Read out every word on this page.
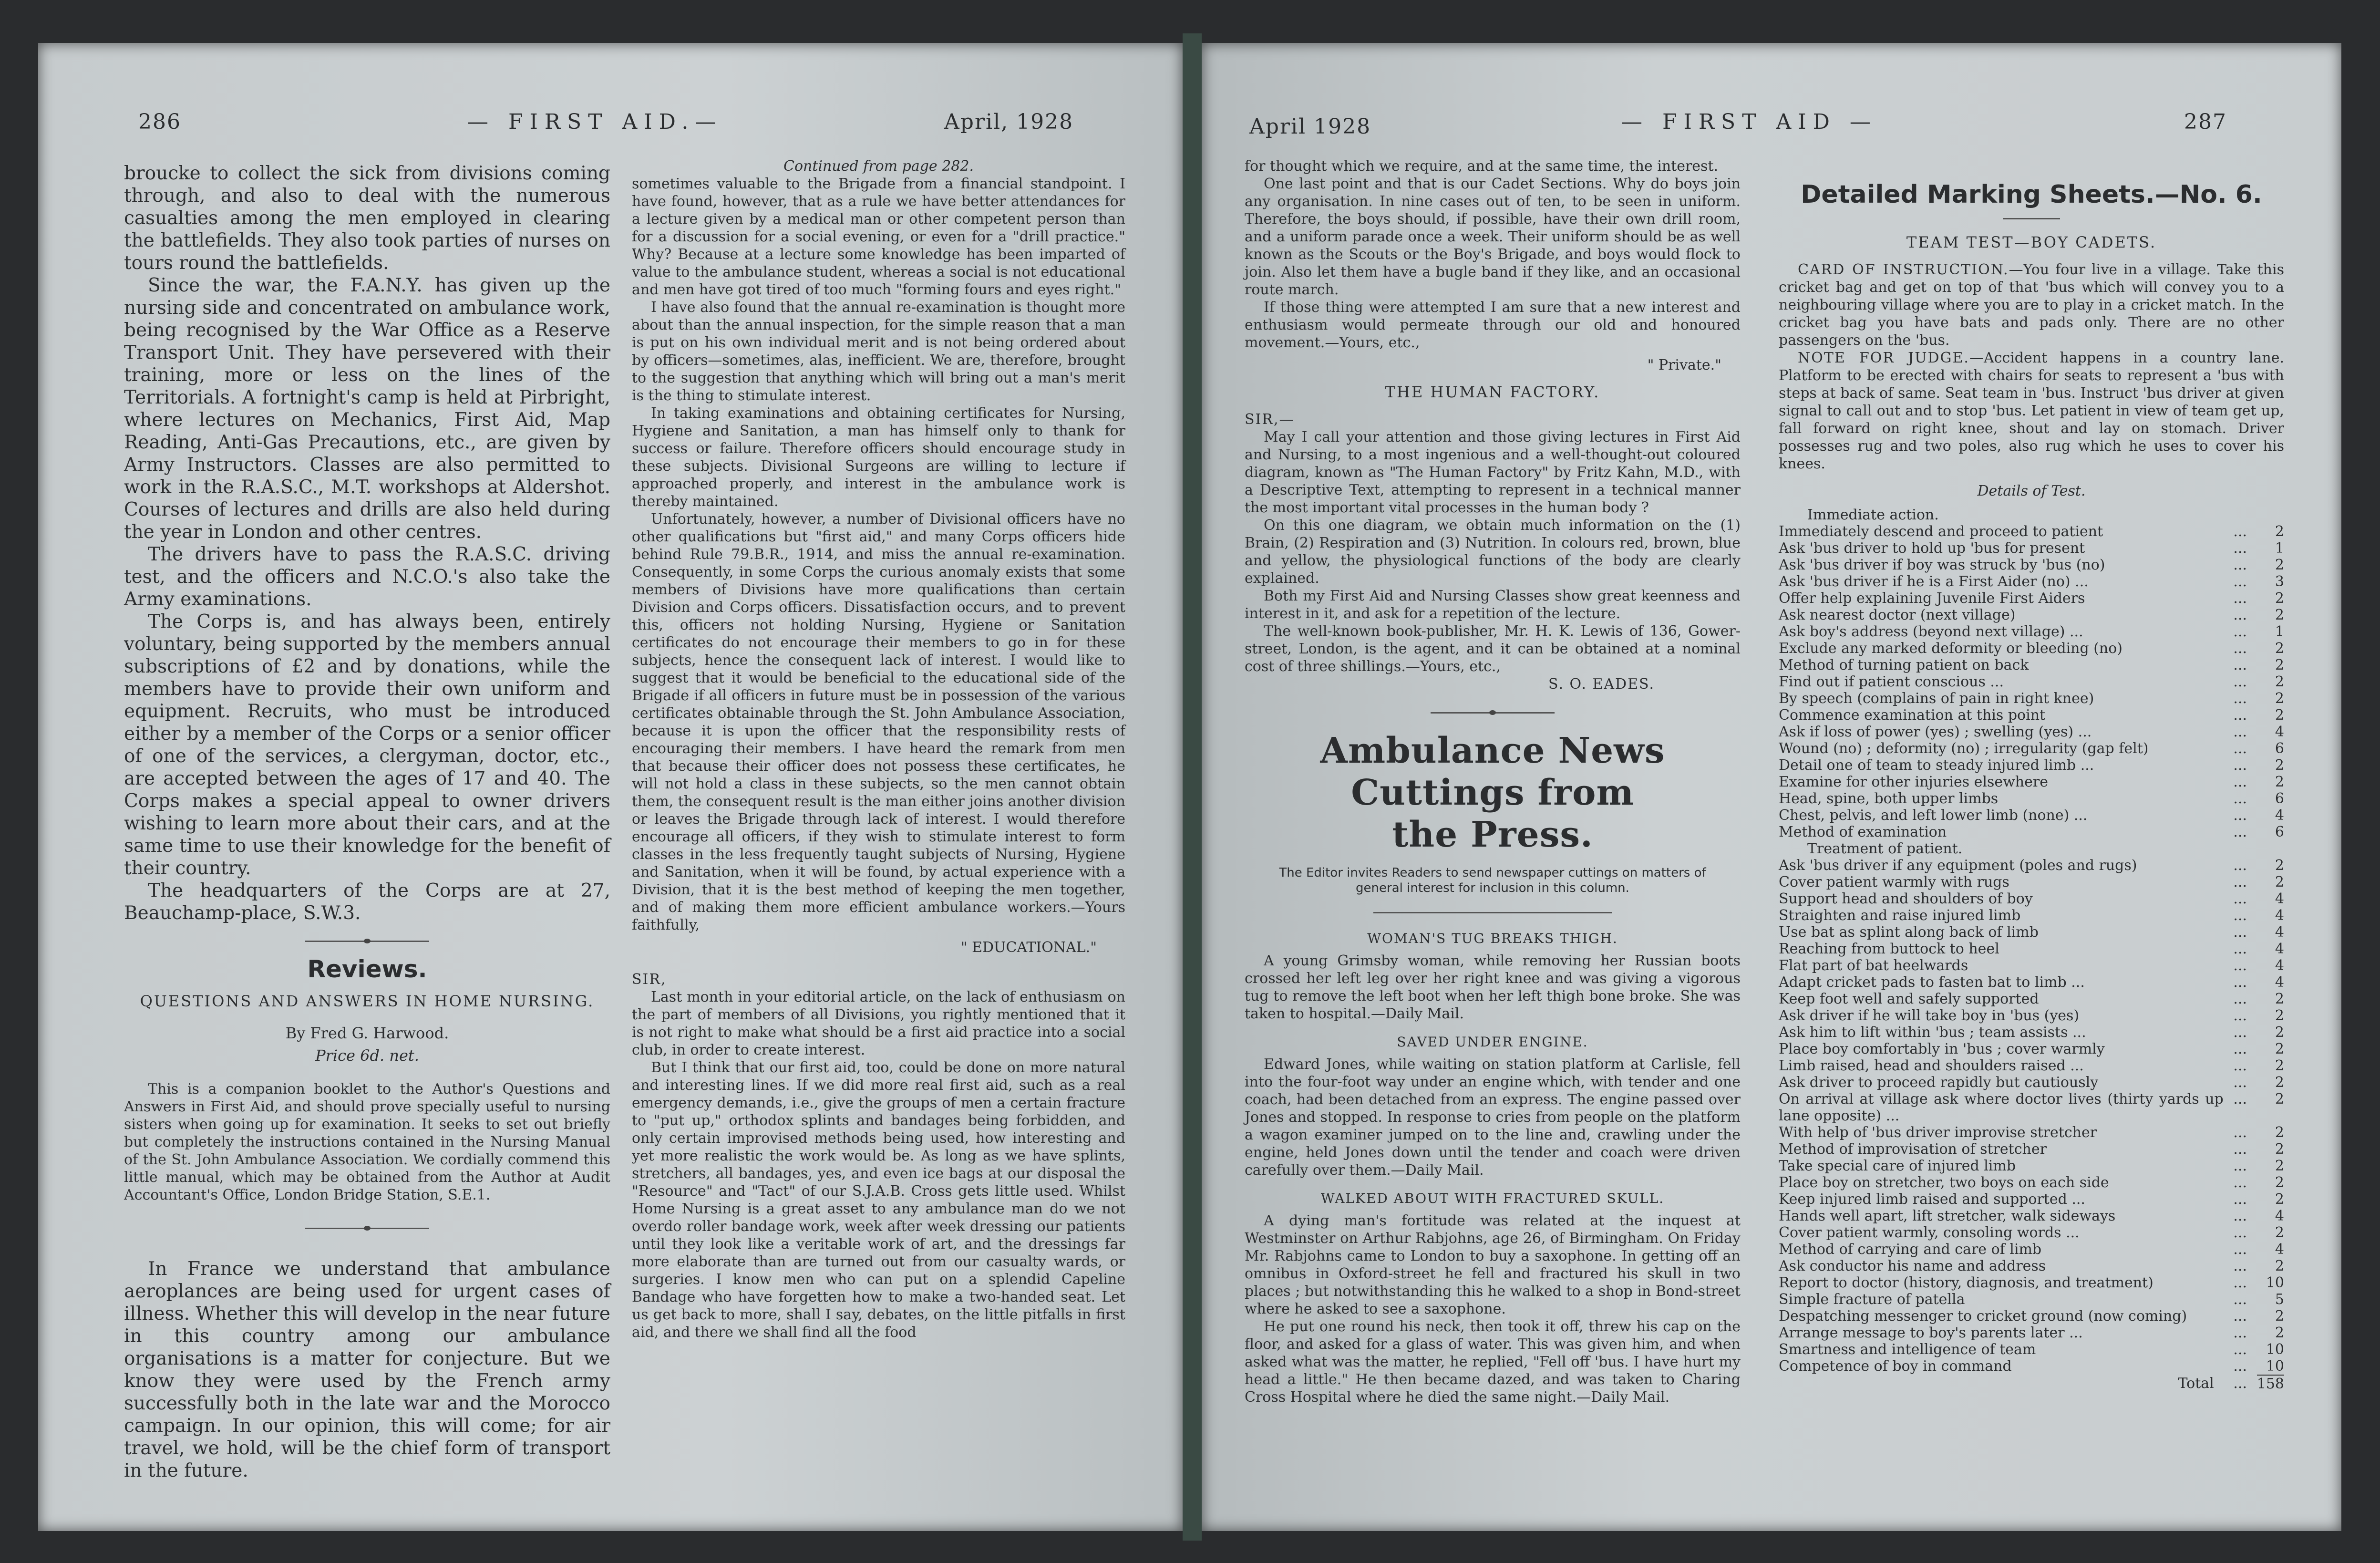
286	— FIRST AID.—	April, 1928

broucke to collect the sick from divisions coming through, and also to deal with the numerous casualties among the men employed in clearing the battlefields. They also took parties of nurses on tours round the battlefields.

Since the war, the F.A.N.Y. has given up the nursing side and concentrated on ambulance work, being recognised by the War Office as a Reserve Transport Unit. They have persevered with their training, more or less on the lines of the Territorials. A fortnight's camp is held at Pirbright, where lectures on Mechanics, First Aid, Map Reading, Anti-Gas Precautions, etc., are given by Army Instructors. Classes are also permitted to work in the R.A.S.C., M.T. workshops at Aldershot. Courses of lectures and drills are also held during the year in London and other centres.

The drivers have to pass the R.A.S.C. driving test, and the officers and N.C.O.'s also take the Army examinations.

The Corps is, and has always been, entirely voluntary, being supported by the members annual subscriptions of £2 and by donations, while the members have to provide their own uniform and equipment. Recruits, who must be introduced either by a member of the Corps or a senior officer of one of the services, a clergyman, doctor, etc., are accepted between the ages of 17 and 40. The Corps makes a special appeal to owner drivers wishing to learn more about their cars, and at the same time to use their knowledge for the benefit of their country.

The headquarters of the Corps are at 27, Beauchamp-place, S.W.3.

Reviews.
QUESTIONS AND ANSWERS IN HOME NURSING.
By Fred G. Harwood.
Price 6d. net.

This is a companion booklet to the Author's Questions and Answers in First Aid, and should prove specially useful to nursing sisters when going up for examination. It seeks to set out briefly but completely the instructions contained in the Nursing Manual of the St. John Ambulance Association. We cordially commend this little manual, which may be obtained from the Author at Audit Accountant's Office, London Bridge Station, S.E.1.

In France we understand that ambulance aeroplances are being used for urgent cases of illness. Whether this will develop in the near future in this country among our ambulance organisations is a matter for conjecture. But we know they were used by the French army successfully both in the late war and the Morocco campaign. In our opinion, this will come; for air travel, we hold, will be the chief form of transport in the future.

Continued from page 282.

sometimes valuable to the Brigade from a financial standpoint. I have found, however, that as a rule we have better attendances for a lecture given by a medical man or other competent person than for a discussion for a social evening, or even for a "drill practice." Why? Because at a lecture some knowledge has been imparted of value to the ambulance student, whereas a social is not educational and men have got tired of too much "forming fours and eyes right."

I have also found that the annual re-examination is thought more about than the annual inspection, for the simple reason that a man is put on his own individual merit and is not being ordered about by officers—sometimes, alas, inefficient. We are, therefore, brought to the suggestion that anything which will bring out a man's merit is the thing to stimulate interest.

In taking examinations and obtaining certificates for Nursing, Hygiene and Sanitation, a man has himself only to thank for success or failure. Therefore officers should encourage study in these subjects. Divisional Surgeons are willing to lecture if approached properly, and interest in the ambulance work is thereby maintained.

Unfortunately, however, a number of Divisional officers have no other qualifications but "first aid," and many Corps officers hide behind Rule 79.B.R., 1914, and miss the annual re-examination. Consequently, in some Corps the curious anomaly exists that some members of Divisions have more qualifications than certain Division and Corps officers. Dissatisfaction occurs, and to prevent this, officers not holding Nursing, Hygiene or Sanitation certificates do not encourage their members to go in for these subjects, hence the consequent lack of interest. I would like to suggest that it would be beneficial to the educational side of the Brigade if all officers in future must be in possession of the various certificates obtainable through the St. John Ambulance Association, because it is upon the officer that the responsibility rests of encouraging their members. I have heard the remark from men that because their officer does not possess these certificates, he will not hold a class in these subjects, so the men cannot obtain them, the consequent result is the man either joins another division or leaves the Brigade through lack of interest. I would therefore encourage all officers, if they wish to stimulate interest to form classes in the less frequently taught subjects of Nursing, Hygiene and Sanitation, when it will be found, by actual experience with a Division, that it is the best method of keeping the men together, and of making them more efficient ambulance workers.—Yours faithfully,

" EDUCATIONAL."
SIR,

Last month in your editorial article, on the lack of enthusiasm on the part of members of all Divisions, you rightly mentioned that it is not right to make what should be a first aid practice into a social club, in order to create interest.

But I think that our first aid, too, could be done on more natural and interesting lines. If we did more real first aid, such as a real emergency demands, i.e., give the groups of men a certain fracture to "put up," orthodox splints and bandages being forbidden, and only certain improvised methods being used, how interesting and yet more realistic the work would be. As long as we have splints, stretchers, all bandages, yes, and even ice bags at our disposal the "Resource" and "Tact" of our S.J.A.B. Cross gets little used. Whilst Home Nursing is a great asset to any ambulance man do we not overdo roller bandage work, week after week dressing our patients until they look like a veritable work of art, and the dressings far more elaborate than are turned out from our casualty wards, or surgeries. I know men who can put on a splendid Capeline Bandage who have forgetten how to make a two-handed seat. Let us get back to more, shall I say, debates, on the little pitfalls in first aid, and there we shall find all the food

April 1928	— FIRST AID —	287

for thought which we require, and at the same time, the interest.

One last point and that is our Cadet Sections. Why do boys join any organisation. In nine cases out of ten, to be seen in uniform. Therefore, the boys should, if possible, have their own drill room, and a uniform parade once a week. Their uniform should be as well known as the Scouts or the Boy's Brigade, and boys would flock to join. Also let them have a bugle band if they like, and an occasional route march.

If those thing were attempted I am sure that a new interest and enthusiasm would permeate through our old and honoured movement.—Yours, etc.,

" Private."
THE HUMAN FACTORY.
SIR,—

May I call your attention and those giving lectures in First Aid and Nursing, to a most ingenious and a well-thought-out coloured diagram, known as "The Human Factory" by Fritz Kahn, M.D., with a Descriptive Text, attempting to represent in a technical manner the most important vital processes in the human body ?

On this one diagram, we obtain much information on the (1) Brain, (2) Respiration and (3) Nutrition. In colours red, brown, blue and yellow, the physiological functions of the body are clearly explained.

Both my First Aid and Nursing Classes show great keenness and interest in it, and ask for a repetition of the lecture.

The well-known book-publisher, Mr. H. K. Lewis of 136, Gower-street, London, is the agent, and it can be obtained at a nominal cost of three shillings.—Yours, etc.,

S. O. EADES.
Ambulance News Cuttings from
the Press.
The Editor invites Readers to send newspaper cuttings on matters of general interest for inclusion in this column.
WOMAN'S TUG BREAKS THIGH.

A young Grimsby woman, while removing her Russian boots crossed her left leg over her right knee and was giving a vigorous tug to remove the left boot when her left thigh bone broke. She was taken to hospital.—Daily Mail.

SAVED UNDER ENGINE.

Edward Jones, while waiting on station platform at Carlisle, fell into the four-foot way under an engine which, with tender and one coach, had been detached from an express. The engine passed over Jones and stopped. In response to cries from people on the platform a wagon examiner jumped on to the line and, crawling under the engine, held Jones down until the tender and coach were driven carefully over them.—Daily Mail.

WALKED ABOUT WITH FRACTURED SKULL.

A dying man's fortitude was related at the inquest at Westminster on Arthur Rabjohns, age 26, of Birmingham. On Friday Mr. Rabjohns came to London to buy a saxophone. In getting off an omnibus in Oxford-street he fell and fractured his skull in two places ; but notwithstanding this he walked to a shop in Bond-street where he asked to see a saxophone.

He put one round his neck, then took it off, threw his cap on the floor, and asked for a glass of water. This was given him, and when asked what was the matter, he replied, "Fell off 'bus. I have hurt my head a little." He then became dazed, and was taken to Charing Cross Hospital where he died the same night.—Daily Mail.

Detailed Marking Sheets.—No. 6.
TEAM TEST—BOY CADETS.

CARD OF INSTRUCTION.—You four live in a village. Take this cricket bag and get on top of that 'bus which will convey you to a neighbouring village where you are to play in a cricket match. In the cricket bag you have bats and pads only. There are no other passengers on the 'bus.

NOTE FOR JUDGE.—Accident happens in a country lane. Platform to be erected with chairs for seats to represent a 'bus with steps at back of same. Seat team in 'bus. Instruct 'bus driver at given signal to call out and to stop 'bus. Let patient in view of team get up, fall forward on right knee, shout and lay on stomach. Driver possesses rug and two poles, also rug which he uses to cover his knees.

Details of Test.
Immediate action.		
Immediately descend and proceed to patient	...	2
Ask 'bus driver to hold up 'bus for present	...	1
Ask 'bus driver if boy was struck by 'bus (no)	...	2
Ask 'bus driver if he is a First Aider (no) ...	...	3
Offer help explaining Juvenile First Aiders	...	2
Ask nearest doctor (next village)	...	2
Ask boy's address (beyond next village) ...	...	1
Exclude any marked deformity or bleeding (no)	...	2
Method of turning patient on back	...	2
Find out if patient conscious ...	...	2
By speech (complains of pain in right knee)	...	2
Commence examination at this point	...	2
Ask if loss of power (yes) ; swelling (yes) ...	...	4
Wound (no) ; deformity (no) ; irregularity (gap felt)	...	6
Detail one of team to steady injured limb ...	...	2
Examine for other injuries elsewhere	...	2
Head, spine, both upper limbs	...	6
Chest, pelvis, and left lower limb (none) ...	...	4
Method of examination	...	6
Treatment of patient.		
Ask 'bus driver if any equipment (poles and rugs)	...	2
Cover patient warmly with rugs	...	2
Support head and shoulders of boy	...	4
Straighten and raise injured limb	...	4
Use bat as splint along back of limb	...	4
Reaching from buttock to heel	...	4
Flat part of bat heelwards	...	4
Adapt cricket pads to fasten bat to limb ...	...	4
Keep foot well and safely supported	...	2
Ask driver if he will take boy in 'bus (yes)	...	2
Ask him to lift within 'bus ; team assists ...	...	2
Place boy comfortably in 'bus ; cover warmly	...	2
Limb raised, head and shoulders raised ...	...	2
Ask driver to proceed rapidly but cautiously	...	2
On arrival at village ask where doctor lives (thirty yards up lane opposite) ...	...	2
With help of 'bus driver improvise stretcher	...	2
Method of improvisation of stretcher	...	2
Take special care of injured limb	...	2
Place boy on stretcher, two boys on each side	...	2
Keep injured limb raised and supported ...	...	2
Hands well apart, lift stretcher, walk sideways	...	4
Cover patient warmly, consoling words ...	...	2
Method of carrying and care of limb	...	4
Ask conductor his name and address	...	2
Report to doctor (history, diagnosis, and treatment)	...	10
Simple fracture of patella	...	5
Despatching messenger to cricket ground (now coming)	...	2
Arrange message to boy's parents later ...	...	2
Smartness and intelligence of team	...	10
Competence of boy in command	...	10
Total	...	158
